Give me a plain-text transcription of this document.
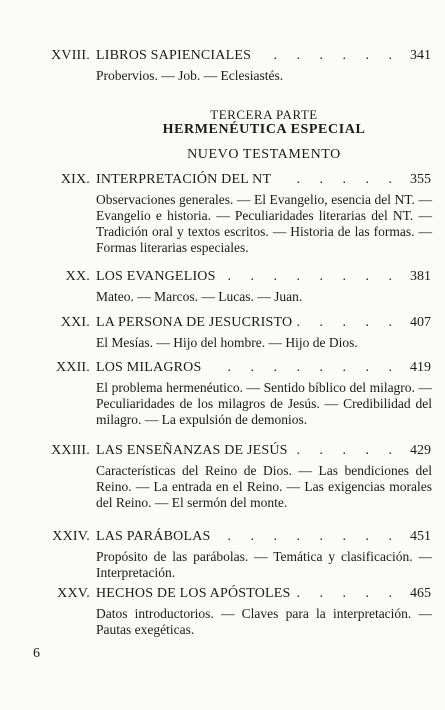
XVIII. LIBROS SAPIENCIALES . . . . . . 341
Probervios. — Job. — Eclesiastés.
TERCERA PARTE
HERMENÉUTICA ESPECIAL
NUEVO TESTAMENTO
XIX. INTERPRETACIÓN DEL NT . . . . . 355
Observaciones generales. — El Evangelio, esencia del NT. — Evangelio e historia. — Peculiaridades literarias del NT. — Tradición oral y textos escritos. — Historia de las formas. — Formas literarias especiales.
XX. LOS EVANGELIOS . . . . . . . . 381
Mateo. — Marcos. — Lucas. — Juan.
XXI. LA PERSONA DE JESUCRISTO . . . . . 407
El Mesías. — Hijo del hombre. — Hijo de Dios.
XXII. LOS MILAGROS . . . . . . . . 419
El problema hermenéutico. — Sentido bíblico del milagro. — Peculiaridades de los milagros de Jesús. — Credibilidad del milagro. — La expulsión de demonios.
XXIII. LAS ENSEÑANZAS DE JESÚS . . . . . 429
Características del Reino de Dios. — Las bendiciones del Reino. — La entrada en el Reino. — Las exigencias morales del Reino. — El sermón del monte.
XXIV. LAS PARÁBOLAS . . . . . . . . 451
Propósito de las parábolas. — Temática y clasificación. — Interpretación.
XXV. HECHOS DE LOS APÓSTOLES . . . . . 465
Datos introductorios. — Claves para la interpretación. — Pautas exegéticas.
6
